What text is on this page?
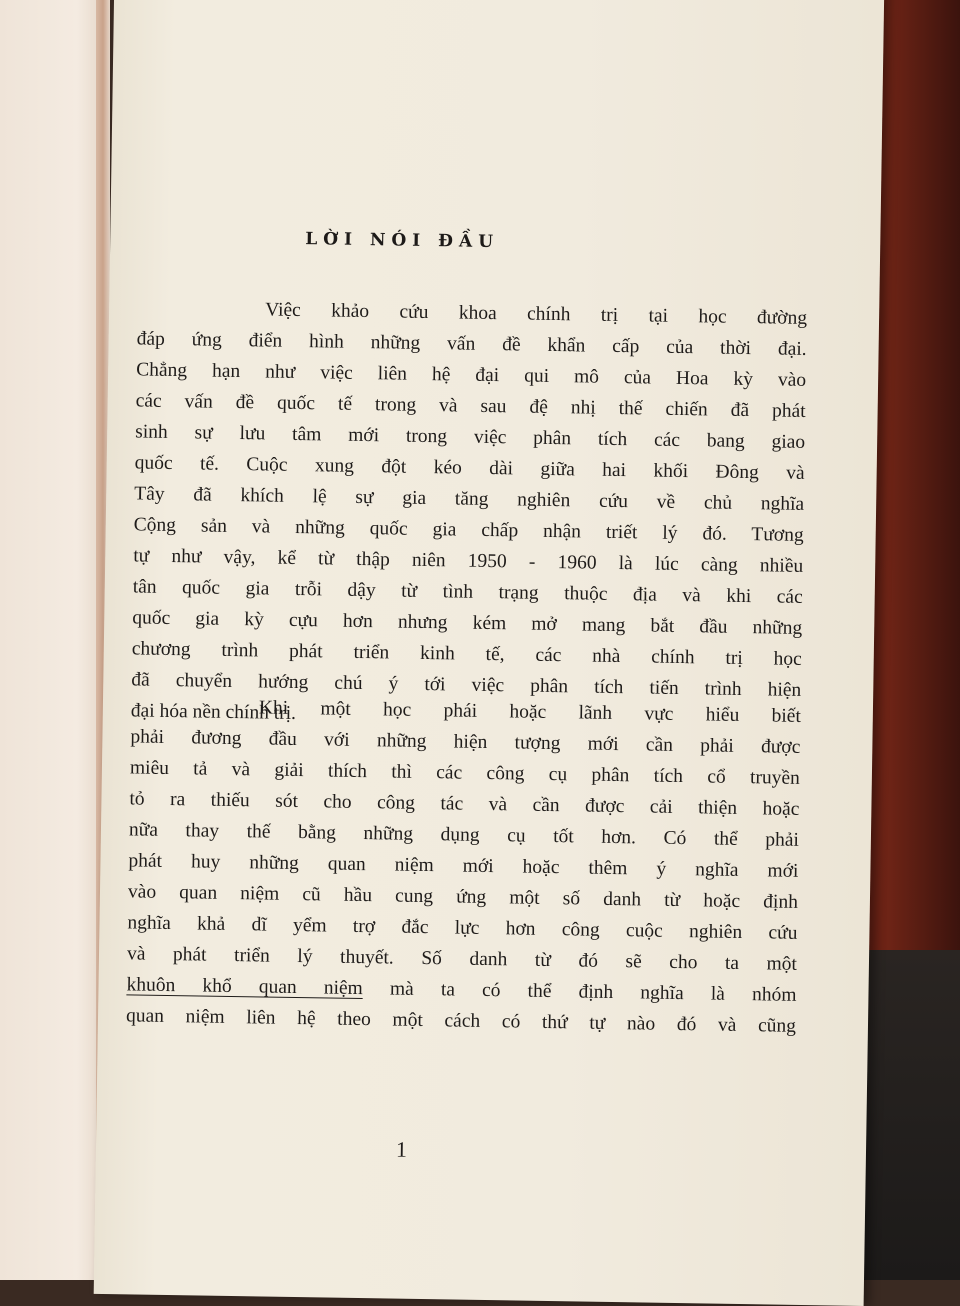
LỜI NÓI ĐẦU
Việc khảo cứu khoa chính trị tại học đường
đáp ứng điển hình những vấn đề khẩn cấp của thời đại.
Chẳng hạn như việc liên hệ đại qui mô của Hoa kỳ vào
các vấn đề quốc tế trong và sau đệ nhị thế chiến đã phát
sinh sự lưu tâm mới trong việc phân tích các bang giao
quốc tế. Cuộc xung đột kéo dài giữa hai khối Đông và
Tây đã khích lệ sự gia tăng nghiên cứu về chủ nghĩa
Cộng sản và những quốc gia chấp nhận triết lý đó. Tương
tự như vậy, kể từ thập niên 1950 - 1960 là lúc càng nhiều
tân quốc gia trỗi dậy từ tình trạng thuộc địa và khi các
quốc gia kỳ cựu hơn nhưng kém mở mang bắt đầu những
chương trình phát triển kinh tế, các nhà chính trị học
đã chuyển hướng chú ý tới việc phân tích tiến trình hiện
đại hóa nền chính trị.
Khi một học phái hoặc lãnh vực hiểu biết
phải đương đầu với những hiện tượng mới cần phải được
miêu tả và giải thích thì các công cụ phân tích cổ truyền
tỏ ra thiếu sót cho công tác và cần được cải thiện hoặc
nữa thay thế bằng những dụng cụ tốt hơn. Có thể phải
phát huy những quan niệm mới hoặc thêm ý nghĩa mới
vào quan niệm cũ hầu cung ứng một số danh từ hoặc định
nghĩa khả dĩ yểm trợ đắc lực hơn công cuộc nghiên cứu
và phát triển lý thuyết. Số danh từ đó sẽ cho ta một
khuôn khổ quan niệm mà ta có thể định nghĩa là nhóm
quan niệm liên hệ theo một cách có thứ tự nào đó và cũng
1
